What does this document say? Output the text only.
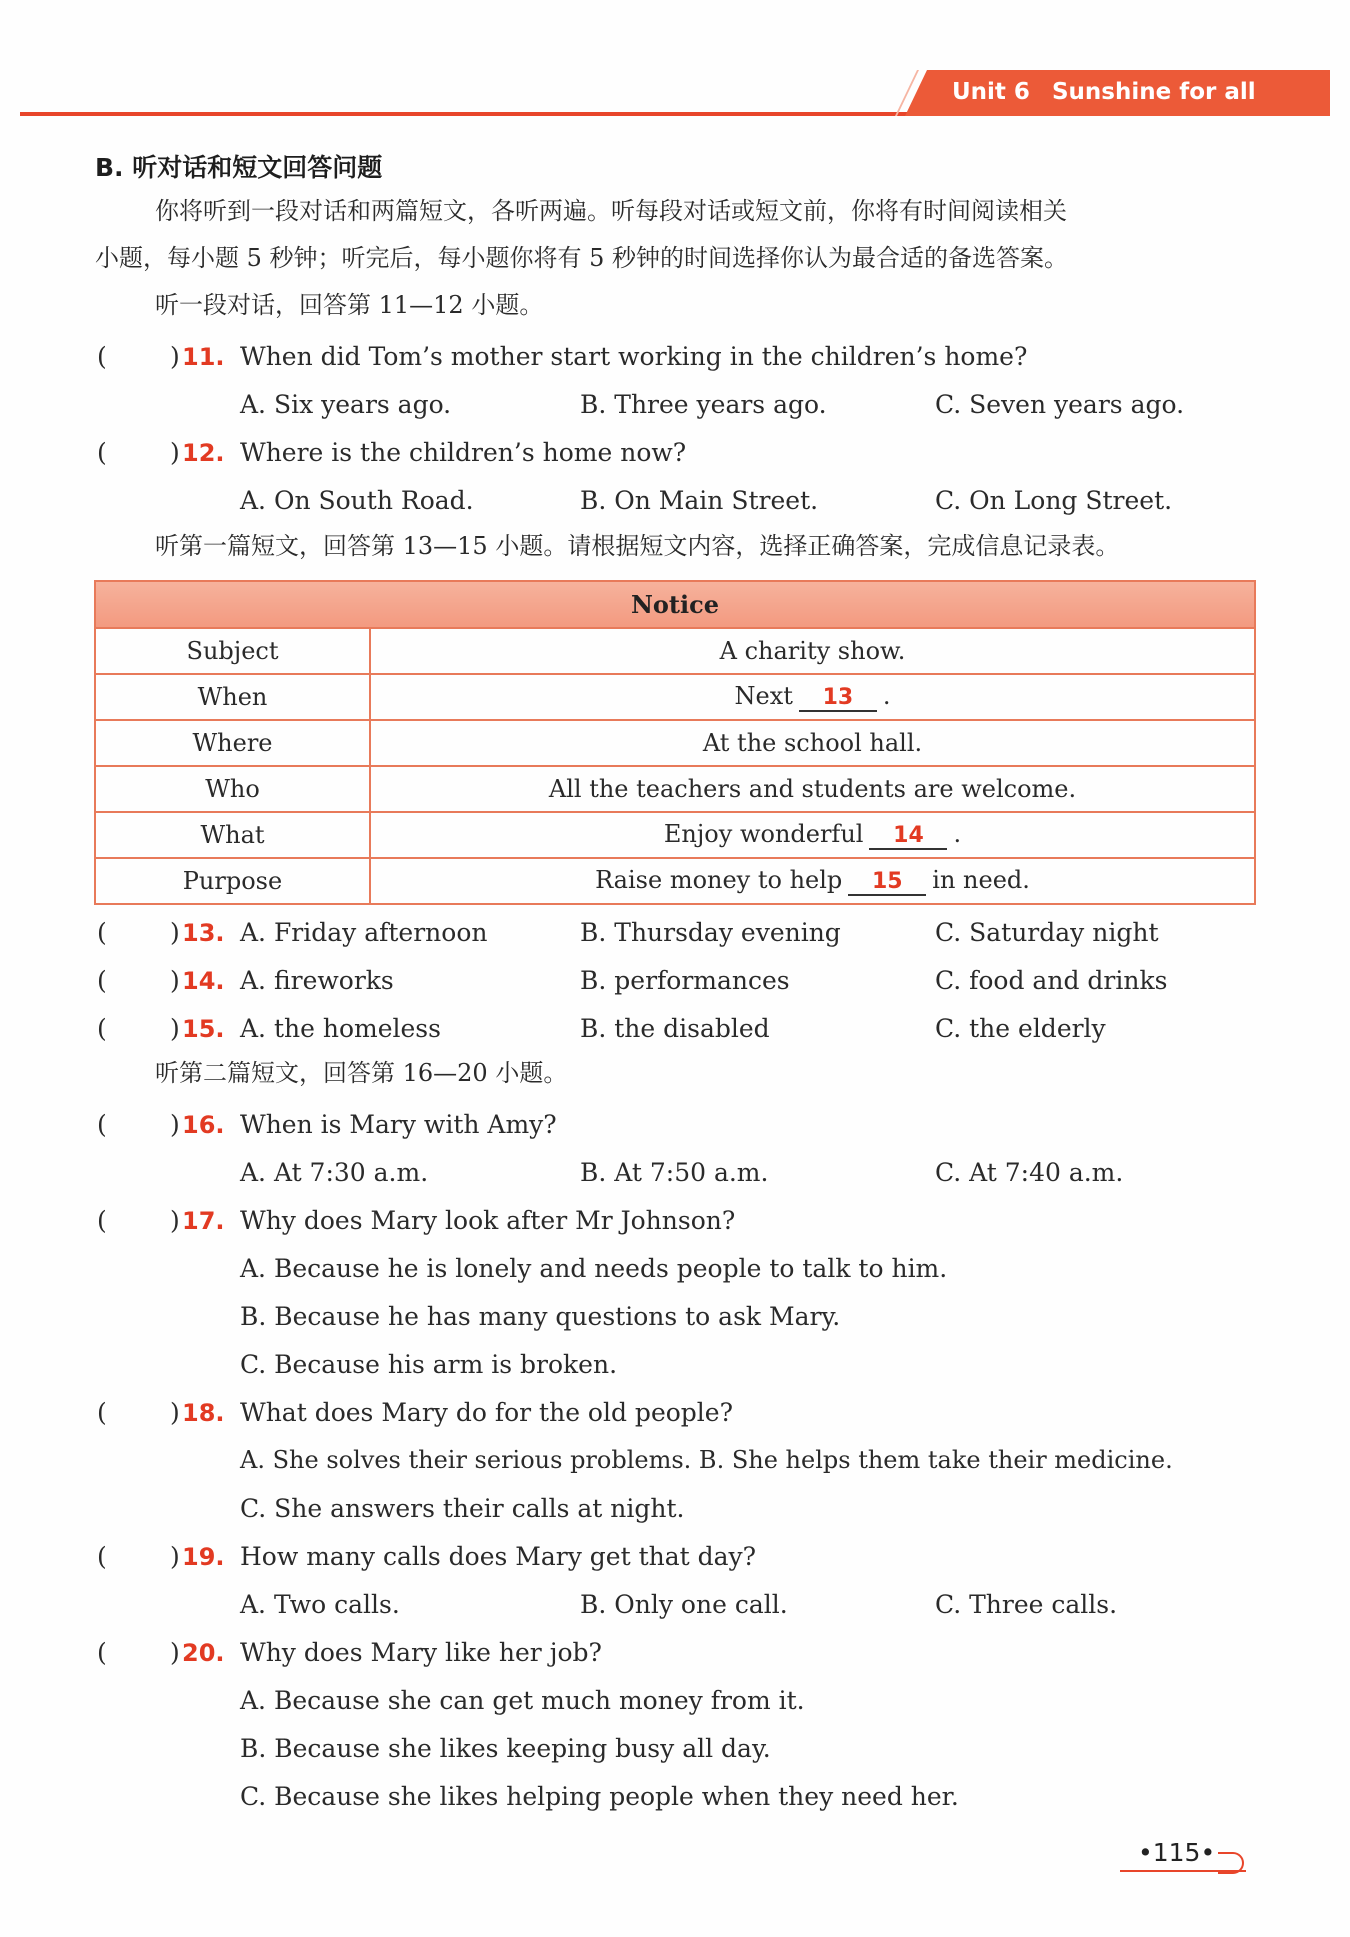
Unit 6 Sunshine for all
B. 听对话和短文回答问题
你将听到一段对话和两篇短文，各听两遍。听每段对话或短文前，你将有时间阅读相关
小题，每小题 5 秒钟；听完后，每小题你将有 5 秒钟的时间选择你认为最合适的备选答案。
听一段对话，回答第 11—12 小题。
(	) 11. When did Tom’s mother start working in the children’s home?
A. Six years ago.	B. Three years ago.	C. Seven years ago.
(	) 12. Where is the children’s home now?
A. On South Road.	B. On Main Street.	C. On Long Street.
听第一篇短文，回答第 13—15 小题。请根据短文内容，选择正确答案，完成信息记录表。
Notice	
Subject	A charity show.
When	Next 13 .
Where	At the school hall.
Who	All the teachers and students are welcome.
What	Enjoy wonderful 14 .
Purpose	Raise money to help 15 in need.
(	) 13. A. Friday afternoon	B. Thursday evening	C. Saturday night
(	) 14. A. fireworks	B. performances	C. food and drinks
(	) 15. A. the homeless	B. the disabled	C. the elderly
听第二篇短文，回答第 16—20 小题。
(	) 16. When is Mary with Amy?
A. At 7:30 a.m.	B. At 7:50 a.m.	C. At 7:40 a.m.
(	) 17. Why does Mary look after Mr Johnson?
A. Because he is lonely and needs people to talk to him.
B. Because he has many questions to ask Mary.
C. Because his arm is broken.
(	) 18. What does Mary do for the old people?
A. She solves their serious problems. B. She helps them take their medicine.
C. She answers their calls at night.
(	) 19. How many calls does Mary get that day?
A. Two calls.	B. Only one call.	C. Three calls.
(	) 20. Why does Mary like her job?
A. Because she can get much money from it.
B. Because she likes keeping busy all day.
C. Because she likes helping people when they need her.
•115•
